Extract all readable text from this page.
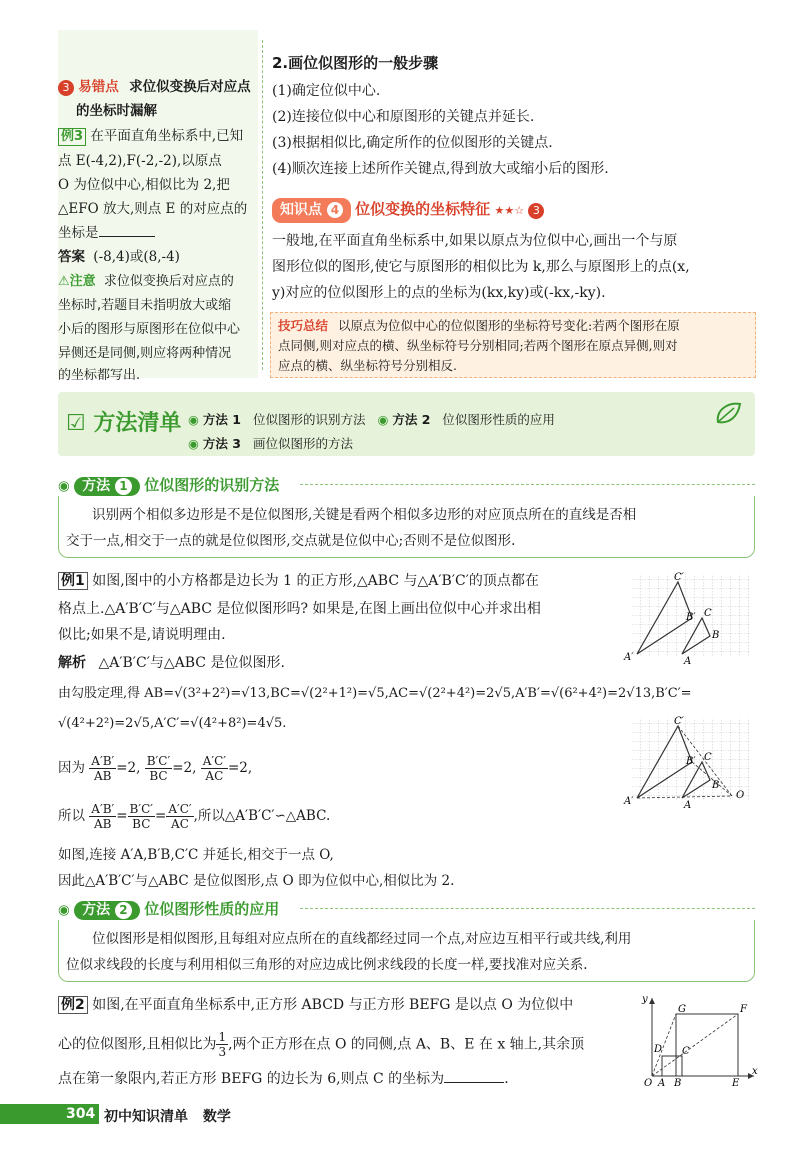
3 易错点 求位似变换后对应点
的坐标时漏解
例3 在平面直角坐标系中,已知
点 E(-4,2),F(-2,-2),以原点
O 为位似中心,相似比为 2,把
△EFO 放大,则点 E 的对应点的
坐标是
答案 (-8,4)或(8,-4)
⚠注意 求位似变换后对应点的
坐标时,若题目未指明放大或缩
小后的图形与原图形在位似中心
异侧还是同侧,则应将两种情况
的坐标都写出.
2.画位似图形的一般步骤
(1)确定位似中心.
(2)连接位似中心和原图形的关键点并延长.
(3)根据相似比,确定所作的位似图形的关键点.
(4)顺次连接上述所作关键点,得到放大或缩小后的图形.
知识点 4 位似变换的坐标特征 ★★☆ 3
一般地,在平面直角坐标系中,如果以原点为位似中心,画出一个与原
图形位似的图形,使它与原图形的相似比为 k,那么与原图形上的点(x,
y)对应的位似图形上的点的坐标为(kx,ky)或(-kx,-ky).
技巧总结 以原点为位似中心的位似图形的坐标符号变化:若两个图形在原
点同侧,则对应点的横、纵坐标符号分别相同;若两个图形在原点异侧,则对
应点的横、纵坐标符号分别相反.
☑ 方法清单 ◉ 方法 1 位似图形的识别方法 ◉ 方法 2 位似图形性质的应用
◉ 方法 3 画位似图形的方法
◉ 方法 1 位似图形的识别方法
识别两个相似多边形是不是位似图形,关键是看两个相似多边形的对应顶点所在的直线是否相
交于一点,相交于一点的就是位似图形,交点就是位似中心;否则不是位似图形.
例1 如图,图中的小方格都是边长为 1 的正方形,△ABC 与△A′B′C′的顶点都在
格点上.△A′B′C′与△ABC 是位似图形吗? 如果是,在图上画出位似中心并求出相
似比;如果不是,请说明理由.
解析 △A′B′C′与△ABC 是位似图形.
由勾股定理,得 AB=√(3²+2²)=√13,BC=√(2²+1²)=√5,AC=√(2²+4²)=2√5,A′B′=√(6²+4²)=2√13,B′C′=
√(4²+2²)=2√5,A′C′=√(4²+8²)=4√5.
因为 $\frac{A'B'}{AB} =2$, $\frac{B'C'}{BC} =2$, $\frac{A'C'}{AC} =2$,
所以 $\frac{A'B'}{AB} = \frac{B'C'}{BC} = \frac{A'C'}{AC}$ ,所以△A′B′C′∽△ABC.
如图,连接 A′A,B′B,C′C 并延长,相交于一点 O,
因此△A′B′C′与△ABC 是位似图形,点 O 即为位似中心,相似比为 2.
A′
C′
B′
A
C
B
A′
C′
B′
A
C
B
O
◉ 方法 2 位似图形性质的应用
位似图形是相似图形,且每组对应点所在的直线都经过同一个点,对应边互相平行或共线,利用
位似求线段的长度与利用相似三角形的对应边成比例求线段的长度一样,要找准对应关系.
例2 如图,在平面直角坐标系中,正方形 ABCD 与正方形 BEFG 是以点 O 为位似中
心的位似图形,且相似比为 $\frac{1}{3}$ ,两个正方形在点 O 的同侧,点 A、B、E 在 x 轴上,其余顶
点在第一象限内,若正方形 BEFG 的边长为 6,则点 C 的坐标为	.
y
x
O A B	E
D C
G	F
304 初中知识清单 数学
